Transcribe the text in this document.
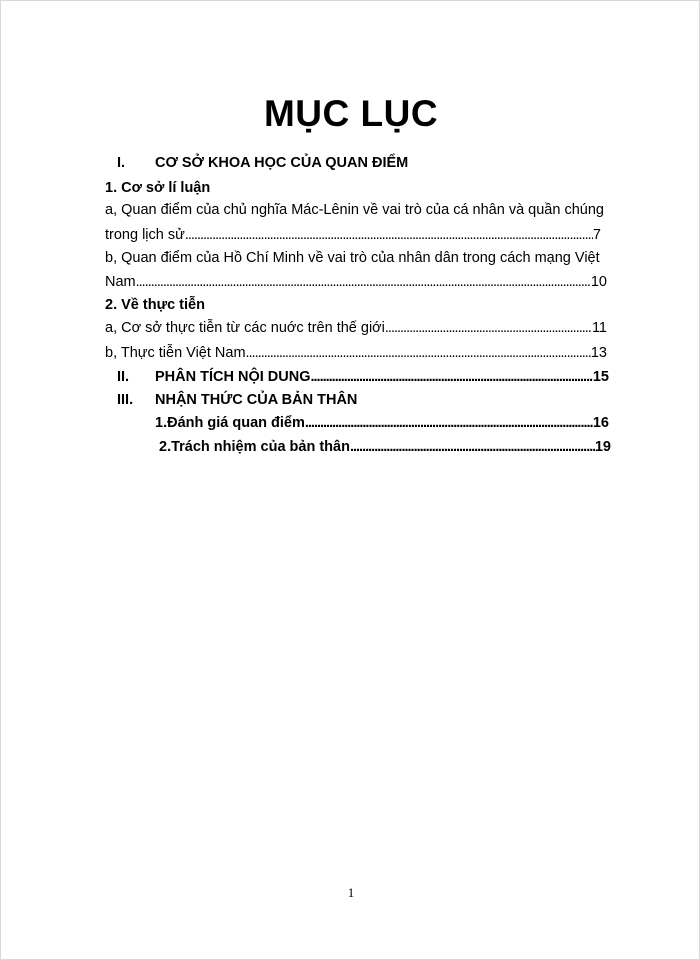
MỤC LỤC
I. CƠ SỞ KHOA HỌC CỦA QUAN ĐIỂM
1. Cơ sở lí luận
a, Quan điểm của chủ nghĩa Mác-Lênin về vai trò của cá nhân và quần chúng
trong lịch sử .....	7
b, Quan điểm của Hồ Chí Minh về vai trò của nhân dân trong cách mạng Việt
Nam .....	10
2. Về thực tiễn
a, Cơ sở thực tiễn từ các nuớc trên thế giới .....	11
b, Thực tiễn Việt Nam .....	13
II. PHÂN TÍCH NỘI DUNG .....	15
III. NHẬN THỨC CỦA BẢN THÂN
1.Đánh giá quan điểm .....	16
2.Trách nhiệm của bản thân .....	19
1
